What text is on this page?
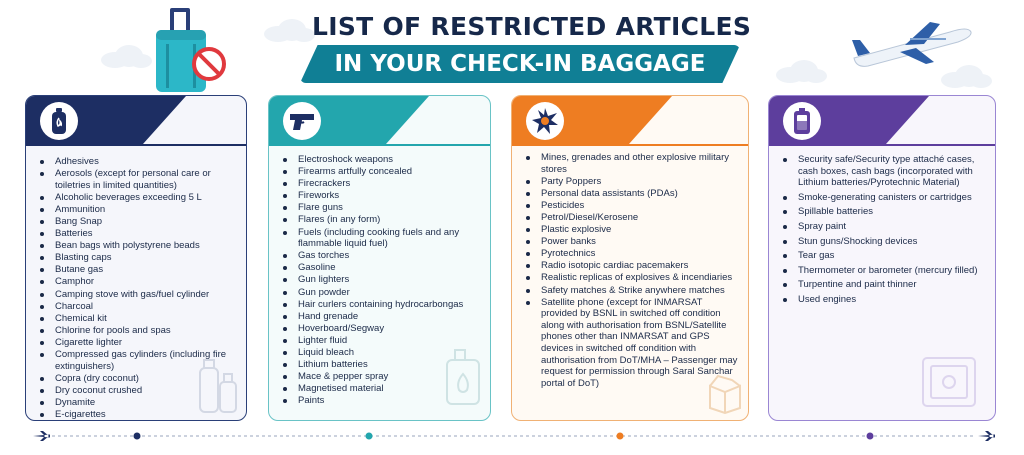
LIST OF RESTRICTED ARTICLES
IN YOUR CHECK-IN BAGGAGE
Adhesives
Aerosols (except for personal care or toiletries in limited quantities)
Alcoholic beverages exceeding 5 L
Ammunition
Bang Snap
Batteries
Bean bags with polystyrene beads
Blasting caps
Butane gas
Camphor
Camping stove with gas/fuel cylinder
Charcoal
Chemical kit
Chlorine for pools and spas
Cigarette lighter
Compressed gas cylinders (including fire extinguishers)
Copra (dry coconut)
Dry coconut crushed
Dynamite
E-cigarettes
Electroshock weapons
Firearms artfully concealed
Firecrackers
Fireworks
Flare guns
Flares (in any form)
Fuels (including cooking fuels and any flammable liquid fuel)
Gas torches
Gasoline
Gun lighters
Gun powder
Hair curlers containing hydrocarbongas
Hand grenade
Hoverboard/Segway
Lighter fluid
Liquid bleach
Lithium batteries
Mace & pepper spray
Magnetised material
Paints
Mines, grenades and other explosive military stores
Party Poppers
Personal data assistants (PDAs)
Pesticides
Petrol/Diesel/Kerosene
Plastic explosive
Power banks
Pyrotechnics
Radio isotopic cardiac pacemakers
Realistic replicas of explosives & incendiaries
Safety matches & Strike anywhere matches
Satellite phone (except for INMARSAT provided by BSNL in switched off condition along with authorisation from BSNL/Satellite phones other than INMARSAT and GPS devices in switched off condition with authorisation from DoT/MHA – Passenger may request for permission through Saral Sanchar portal of DoT)
Security safe/Security type attaché cases, cash boxes, cash bags (incorporated with Lithium batteries/Pyrotechnic Material)
Smoke-generating canisters or cartridges
Spillable batteries
Spray paint
Stun guns/Shocking devices
Tear gas
Thermometer or barometer (mercury filled)
Turpentine and paint thinner
Used engines
